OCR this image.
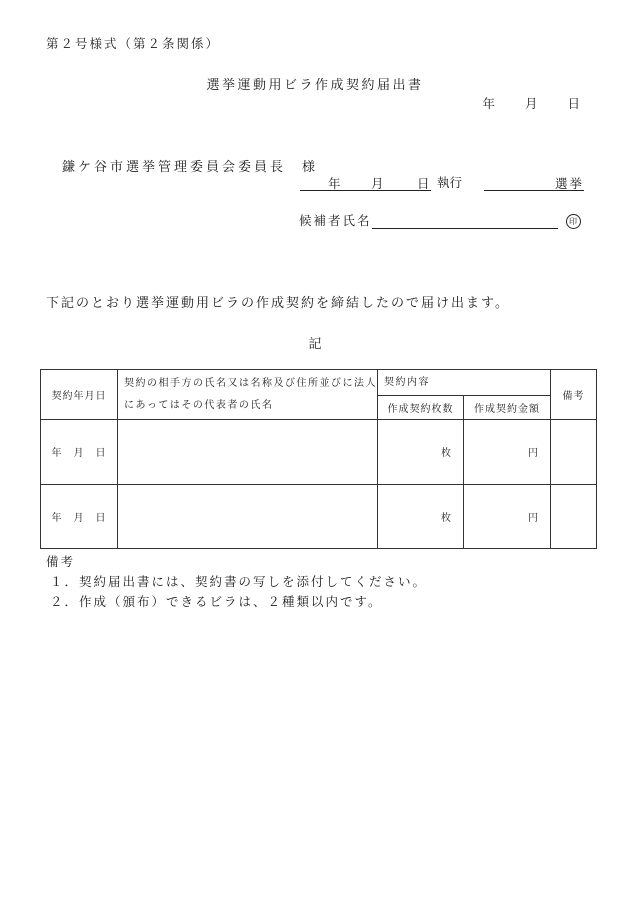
第２号様式（第２条関係）
選挙運動用ビラ作成契約届出書
年 月 日
鎌ケ谷市選挙管理委員会委員長　様
年 月	日 執行	選挙
候補者氏名	印
下記のとおり選挙運動用ビラの作成契約を締結したので届け出ます。
記
契約年月日	契約の相手方の氏名又は名称及び住所並びに法人にあってはその代表者の氏名	契約内容		備考
		作成契約枚数	作成契約金額	
年　月　日		枚	円	
年　月　日		枚	円	
備考
１．契約届出書には、契約書の写しを添付してください。
２．作成（頒布）できるビラは、２種類以内です。
